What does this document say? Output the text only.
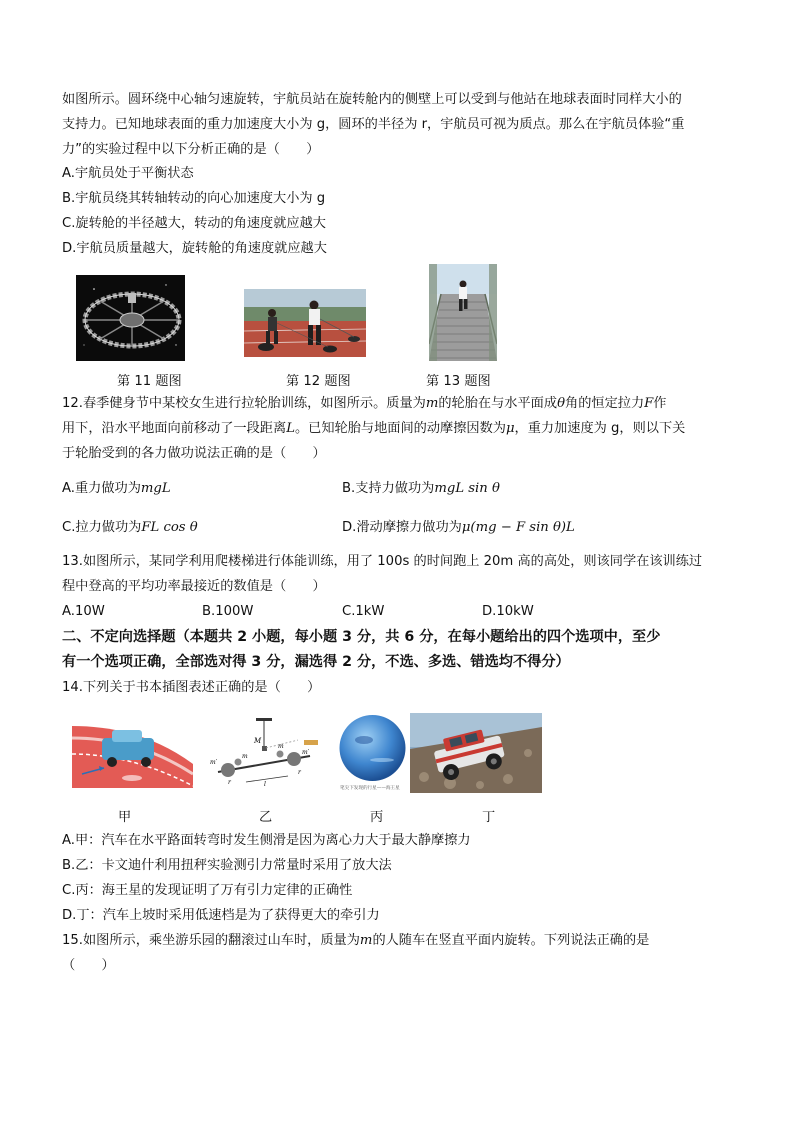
如图所示。圆环绕中心轴匀速旋转，宇航员站在旋转舱内的侧壁上可以受到与他站在地球表面时同样大小的
支持力。已知地球表面的重力加速度大小为 g，圆环的半径为 r，宇航员可视为质点。那么在宇航员体验“重
力”的实验过程中以下分析正确的是（　　）
A.宇航员处于平衡状态
B.宇航员绕其转轴转动的向心加速度大小为 g
C.旋转舱的半径越大，转动的角速度就应越大
D.宇航员质量越大，旋转舱的角速度就应越大
第 11 题图	第 12 题图	第 13 题图
12.春季健身节中某校女生进行拉轮胎训练，如图所示。质量为m的轮胎在与水平面成θ角的恒定拉力F作
用下，沿水平地面向前移动了一段距离L。已知轮胎与地面间的动摩擦因数为μ，重力加速度为 g，则以下关
于轮胎受到的各力做功说法正确的是（　　）
A.重力做功为mgL	B.支持力做功为mgL sin θ
C.拉力做功为FL cos θ	D.滑动摩擦力做功为μ(mg − F sin θ)L
13.如图所示，某同学利用爬楼梯进行体能训练，用了 100s 的时间跑上 20m 高的高处，则该同学在该训练过
程中登高的平均功率最接近的数值是（　　）
A.10W	B.100W	C.1kW	D.10kW
二、不定向选择题（本题共 2 小题，每小题 3 分，共 6 分，在每小题给出的四个选项中，至少
有一个选项正确，全部选对得 3 分，漏选得 2 分，不选、多选、错选均不得分）
14.下列关于书本插图表述正确的是（　　）
M
m′
m
m
m′
r	l
r
笔尖下发现的行星——海王星
甲	乙	丙	丁
A.甲：汽车在水平路面转弯时发生侧滑是因为离心力大于最大静摩擦力
B.乙：卡文迪什利用扭秤实验测引力常量时采用了放大法
C.丙：海王星的发现证明了万有引力定律的正确性
D.丁：汽车上坡时采用低速档是为了获得更大的牵引力
15.如图所示，乘坐游乐园的翻滚过山车时，质量为m的人随车在竖直平面内旋转。下列说法正确的是
（　　）
